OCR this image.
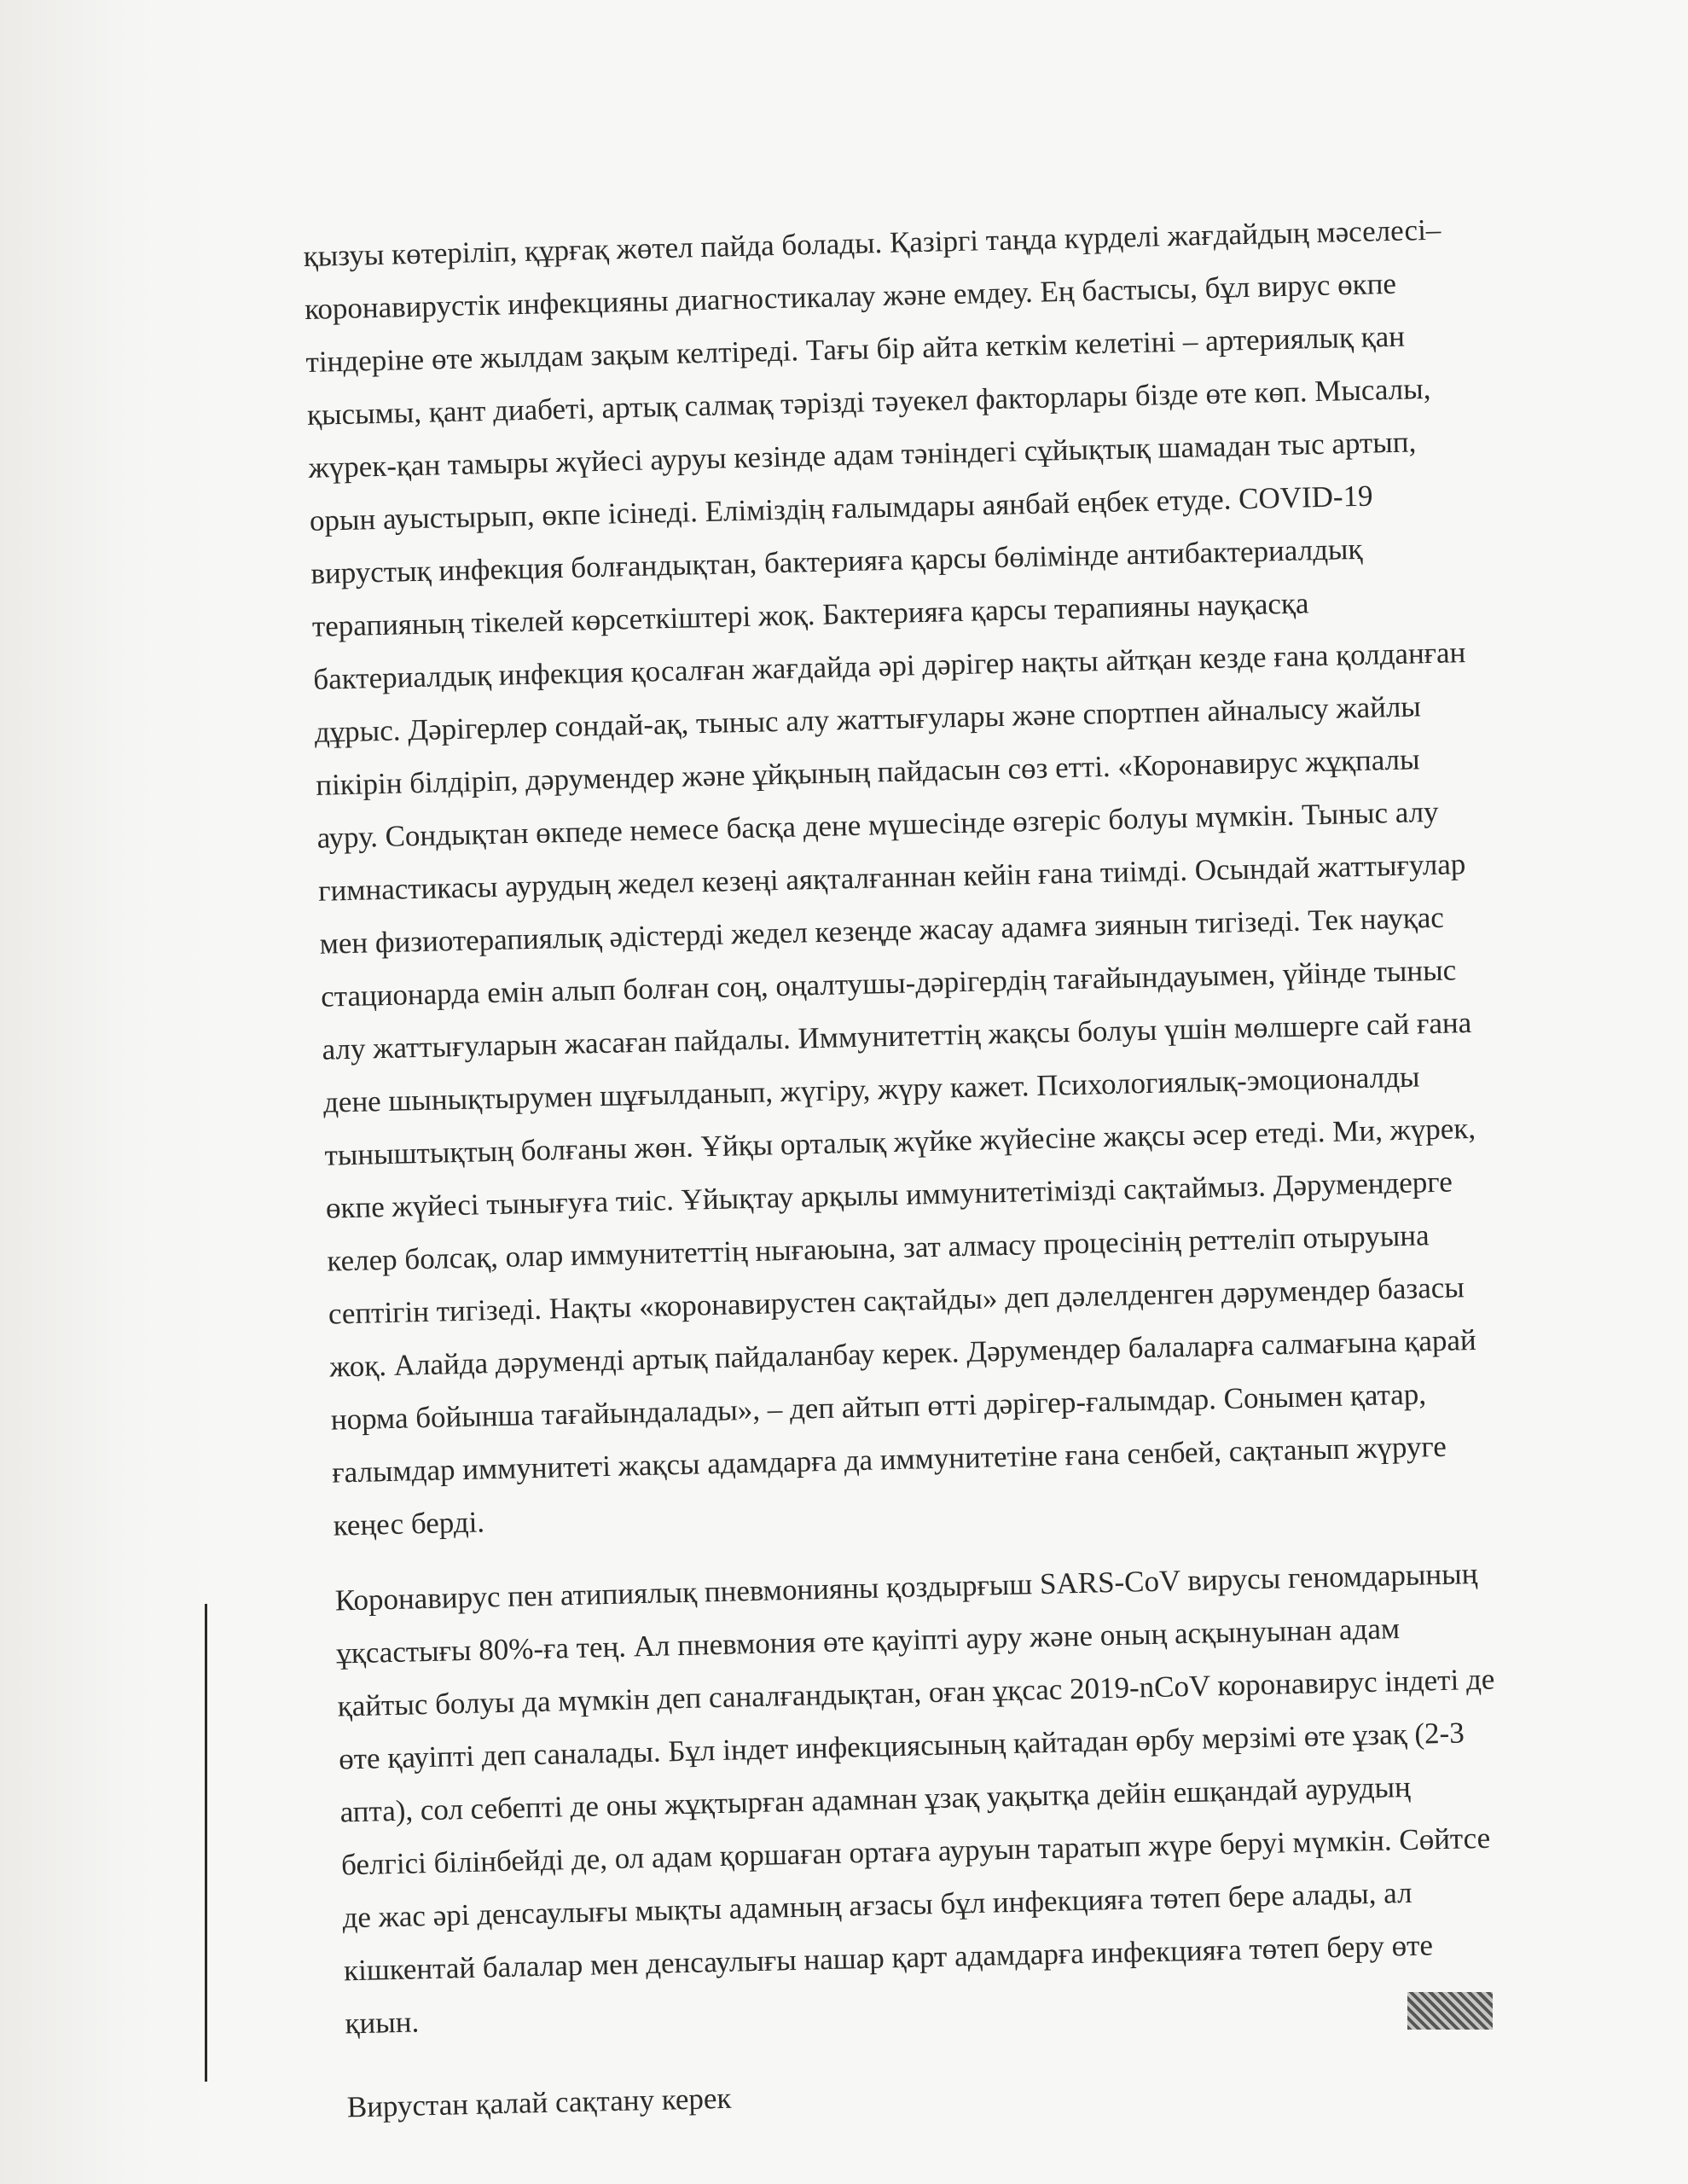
қызуы көтеріліп, құрғақ жөтел пайда болады. Қазіргі таңда күрделі жағдайдың мәселесі–
коронавирустік инфекцияны диагностикалау және емдеу. Ең бастысы, бұл вирус өкпе
тіндеріне өте жылдам зақым келтіреді. Тағы бір айта кеткім келетіні – артериялық қан
қысымы, қант диабеті, артық салмақ тәрізді тәуекел факторлары бізде өте көп. Мысалы,
жүрек-қан тамыры жүйесі ауруы кезінде адам тәніндегі сұйықтық шамадан тыс артып,
орын ауыстырып, өкпе ісінеді. Еліміздің ғалымдары аянбай еңбек етуде. COVID-19
вирустық инфекция болғандықтан, бактерияға қарсы бөлімінде антибактериалдық
терапияның тікелей көрсеткіштері жоқ. Бактерияға қарсы терапияны науқасқа
бактериалдық инфекция қосалған жағдайда әрі дәрігер нақты айтқан кезде ғана қолданған
дұрыс. Дәрігерлер сондай-ақ, тыныс алу жаттығулары және спортпен айналысу жайлы
пікірін білдіріп, дәрумендер және ұйқының пайдасын сөз етті. «Коронавирус жұқпалы
ауру. Сондықтан өкпеде немесе басқа дене мүшесінде өзгеріс болуы мүмкін. Тыныс алу
гимнастикасы аурудың жедел кезеңі аяқталғаннан кейін ғана тиімді. Осындай жаттығулар
мен физиотерапиялық әдістерді жедел кезеңде жасау адамға зиянын тигізеді. Тек науқас
стационарда емін алып болған соң, оңалтушы-дәрігердің тағайындауымен, үйінде тыныс
алу жаттығуларын жасаған пайдалы. Иммунитеттің жақсы болуы үшін мөлшерге сай ғана
дене шынықтырумен шұғылданып, жүгіру, жүру кажет. Психологиялық-эмоционалды
тыныштықтың болғаны жөн. Ұйқы орталық жүйке жүйесіне жақсы әсер етеді. Ми, жүрек,
өкпе жүйесі тынығуға тиіс. Ұйықтау арқылы иммунитетімізді сақтаймыз. Дәрумендерге
келер болсақ, олар иммунитеттің нығаюына, зат алмасу процесінің реттеліп отыруына
септігін тигізеді. Нақты «коронавирустен сақтайды» деп дәлелденген дәрумендер базасы
жоқ. Алайда дәруменді артық пайдаланбау керек. Дәрумендер балаларға салмағына қарай
норма бойынша тағайындалады», – деп айтып өтті дәрігер-ғалымдар. Сонымен қатар,
ғалымдар иммунитеті жақсы адамдарға да иммунитетіне ғана сенбей, сақтанып жүруге
кеңес берді.

Коронавирус пен атипиялық пневмонияны қоздырғыш SARS-CoV вирусы геномдарының
ұқсастығы 80%-ға тең. Ал пневмония өте қауіпті ауру және оның асқынуынан адам
қайтыс болуы да мүмкін деп саналғандықтан, оған ұқсас 2019-nCoV коронавирус індеті де
өте қауіпті деп саналады. Бұл індет инфекциясының қайтадан өрбу мерзімі өте ұзақ (2-3
апта), сол себепті де оны жұқтырған адамнан ұзақ уақытқа дейін ешқандай аурудың
белгісі білінбейді де, ол адам қоршаған ортаға ауруын таратып жүре беруі мүмкін. Сөйтсе
де жас әрі денсаулығы мықты адамның ағзасы бұл инфекцияға төтеп бере алады, ал
кішкентай балалар мен денсаулығы нашар қарт адамдарға инфекцияға төтеп беру өте
қиын.

Вирустан қалай сақтану керек
